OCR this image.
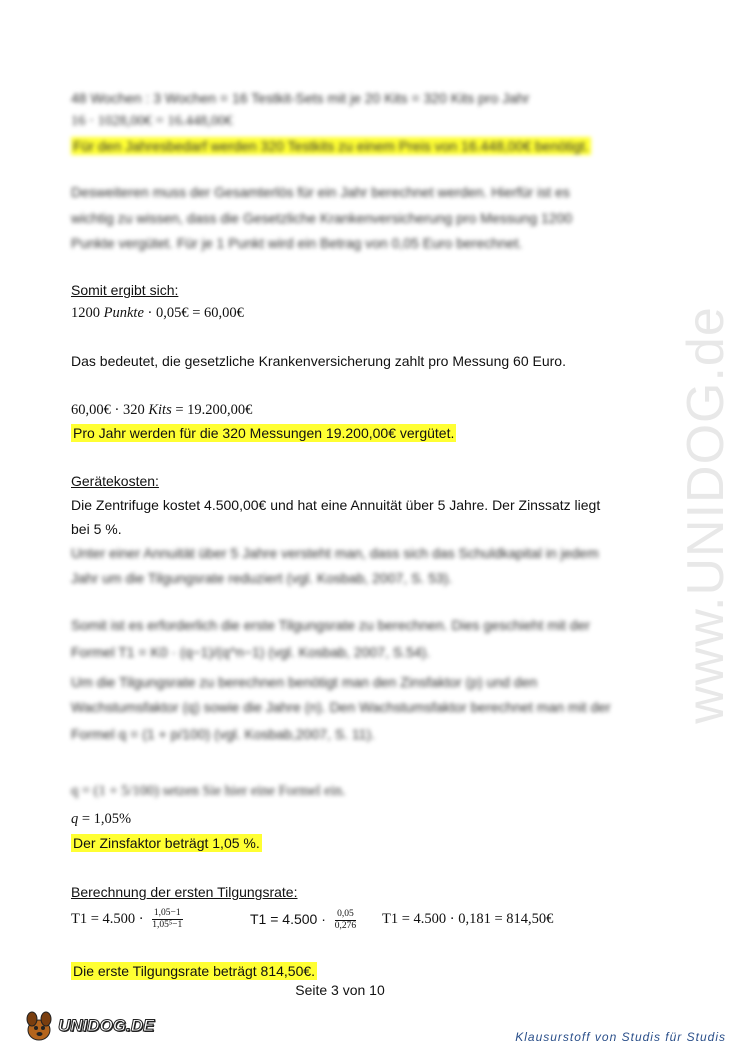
www.UNIDOG.de
48 Wochen : 3 Wochen = 16 Testkit-Sets mit je 20 Kits = 320 Kits pro Jahr
16 · 1028,00€ = 16.448,00€
Für den Jahresbedarf werden 320 Testkits zu einem Preis von 16.448,00€ benötigt.
Desweiteren muss der Gesamterlös für ein Jahr berechnet werden. Hierfür ist es
wichtig zu wissen, dass die Gesetzliche Krankenversicherung pro Messung 1200
Punkte vergütet. Für je 1 Punkt wird ein Betrag von 0,05 Euro berechnet.
Somit ergibt sich:
1200 Punkte · 0,05€ = 60,00€
Das bedeutet, die gesetzliche Krankenversicherung zahlt pro Messung 60 Euro.
60,00€ · 320 Kits = 19.200,00€
Pro Jahr werden für die 320 Messungen 19.200,00€ vergütet.
Gerätekosten:
Die Zentrifuge kostet 4.500,00€ und hat eine Annuität über 5 Jahre. Der Zinssatz liegt
bei 5 %.
Unter einer Annuität über 5 Jahre versteht man, dass sich das Schuldkapital in jedem
Jahr um die Tilgungsrate reduziert (vgl. Kosbab, 2007, S. 53).
Somit ist es erforderlich die erste Tilgungsrate zu berechnen. Dies geschieht mit der
Formel T1 = K0 · (q−1)/(q^n−1) (vgl. Kosbab, 2007, S.54).
Um die Tilgungsrate zu berechnen benötigt man den Zinsfaktor (p) und den
Wachstumsfaktor (q) sowie die Jahre (n). Den Wachstumsfaktor berechnet man mit der
Formel q = (1 + p/100) (vgl. Kosbab,2007, S. 11).
q = (1 + 5/100) setzen Sie hier eine Formel ein.
q = 1,05%
Der Zinsfaktor beträgt 1,05 %.
Berechnung der ersten Tilgungsrate:
$T1 = 4.500 \cdot \frac{1,05-1}{\text{1,05⁵−1}}$	$T1 = 4.500 \cdot \frac{0,05}{0,276} T1 = 4.500 \cdot 0,181$ = 814,50€
Die erste Tilgungsrate beträgt 814,50€.
Seite 3 von 10
UNIDOG.DE
Klausurstoff von Studis für Studis
